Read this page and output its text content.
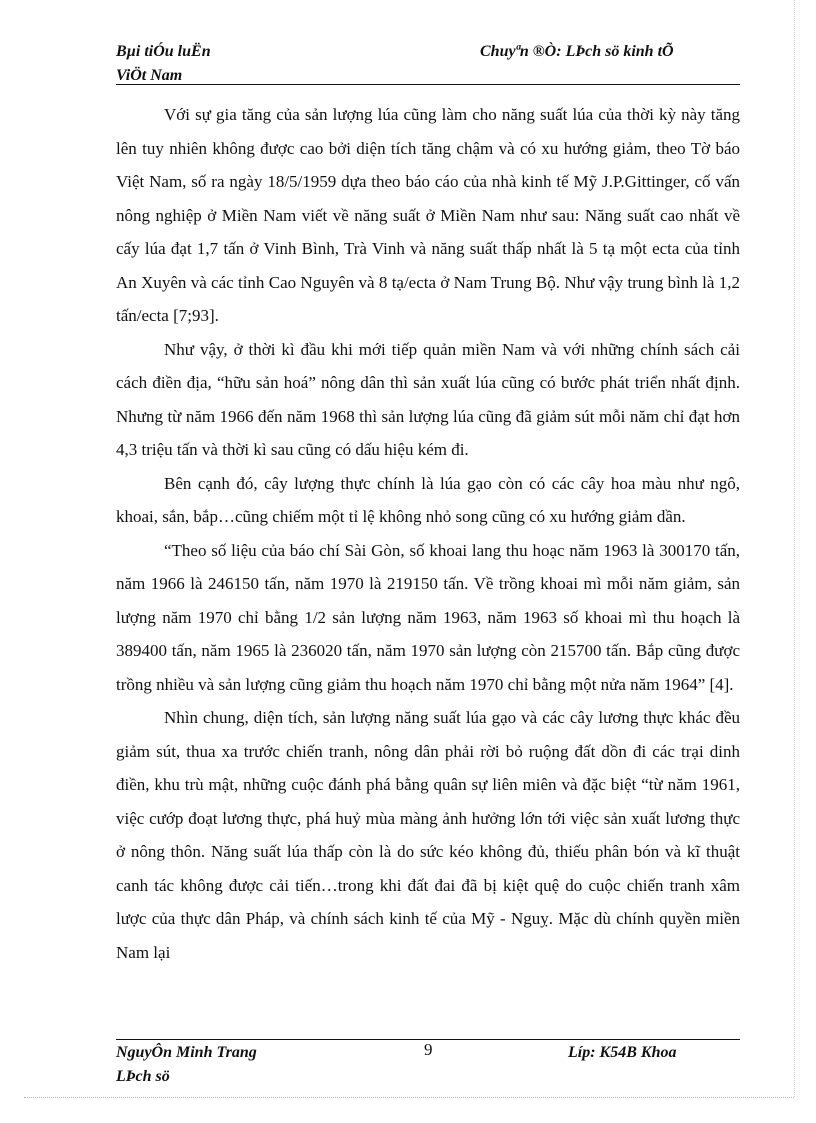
Bµi tiÓu luËn
ViÖt Nam
Chuyªn ®Ò: LÞch sö kinh tÕ

Với sự gia tăng của sản lượng lúa cũng làm cho năng suất lúa của thời kỳ này tăng lên tuy nhiên không được cao bởi diện tích tăng chậm và có xu hướng giảm, theo Tờ báo Việt Nam, số ra ngày 18/5/1959 dựa theo báo cáo của nhà kinh tế Mỹ J.P.Gittinger, cố vấn nông nghiệp ở Miền Nam viết về năng suất ở Miền Nam như sau: Năng suất cao nhất về cấy lúa đạt 1,7 tấn ở Vinh Bình, Trà Vinh và năng suất thấp nhất là 5 tạ một ecta của tỉnh An Xuyên và các tỉnh Cao Nguyên và 8 tạ/ecta ở Nam Trung Bộ. Như vậy trung bình là 1,2 tấn/ecta [7;93].

Như vậy, ở thời kì đầu khi mới tiếp quản miền Nam và với những chính sách cải cách điền địa, “hữu sản hoá” nông dân thì sản xuất lúa cũng có bước phát triển nhất định. Nhưng từ năm 1966 đến năm 1968 thì sản lượng lúa cũng đã giảm sút mỗi năm chỉ đạt hơn 4,3 triệu tấn và thời kì sau cũng có dấu hiệu kém đi.

Bên cạnh đó, cây lượng thực chính là lúa gạo còn có các cây hoa màu như ngô, khoai, sắn, bắp…cũng chiếm một tỉ lệ không nhỏ song cũng có xu hướng giảm dần.

“Theo số liệu của báo chí Sài Gòn, số khoai lang thu hoạc năm 1963 là 300170 tấn, năm 1966 là 246150 tấn, năm 1970 là 219150 tấn. Về trồng khoai mì mỗi năm giảm, sản lượng năm 1970 chỉ bằng 1/2 sản lượng năm 1963, năm 1963 số khoai mì thu hoạch là 389400 tấn, năm 1965 là 236020 tấn, năm 1970 sản lượng còn 215700 tấn. Bắp cũng được trồng nhiều và sản lượng cũng giảm thu hoạch năm 1970 chỉ bằng một nửa năm 1964” [4].

Nhìn chung, diện tích, sản lượng năng suất lúa gạo và các cây lương thực khác đều giảm sút, thua xa trước chiến tranh, nông dân phải rời bỏ ruộng đất dồn đi các trại dinh điền, khu trù mật, những cuộc đánh phá bằng quân sự liên miên và đặc biệt “từ năm 1961, việc cướp đoạt lương thực, phá huỷ mùa màng ảnh hưởng lớn tới việc sản xuất lương thực ở nông thôn. Năng suất lúa thấp còn là do sức kéo không đủ, thiếu phân bón và kĩ thuật canh tác không được cải tiến…trong khi đất đai đã bị kiệt quệ do cuộc chiến tranh xâm lược của thực dân Pháp, và chính sách kinh tế của Mỹ - Nguỵ. Mặc dù chính quyền miền Nam lại

NguyÔn Minh Trang
LÞch sö
9	Líp: K54B Khoa
